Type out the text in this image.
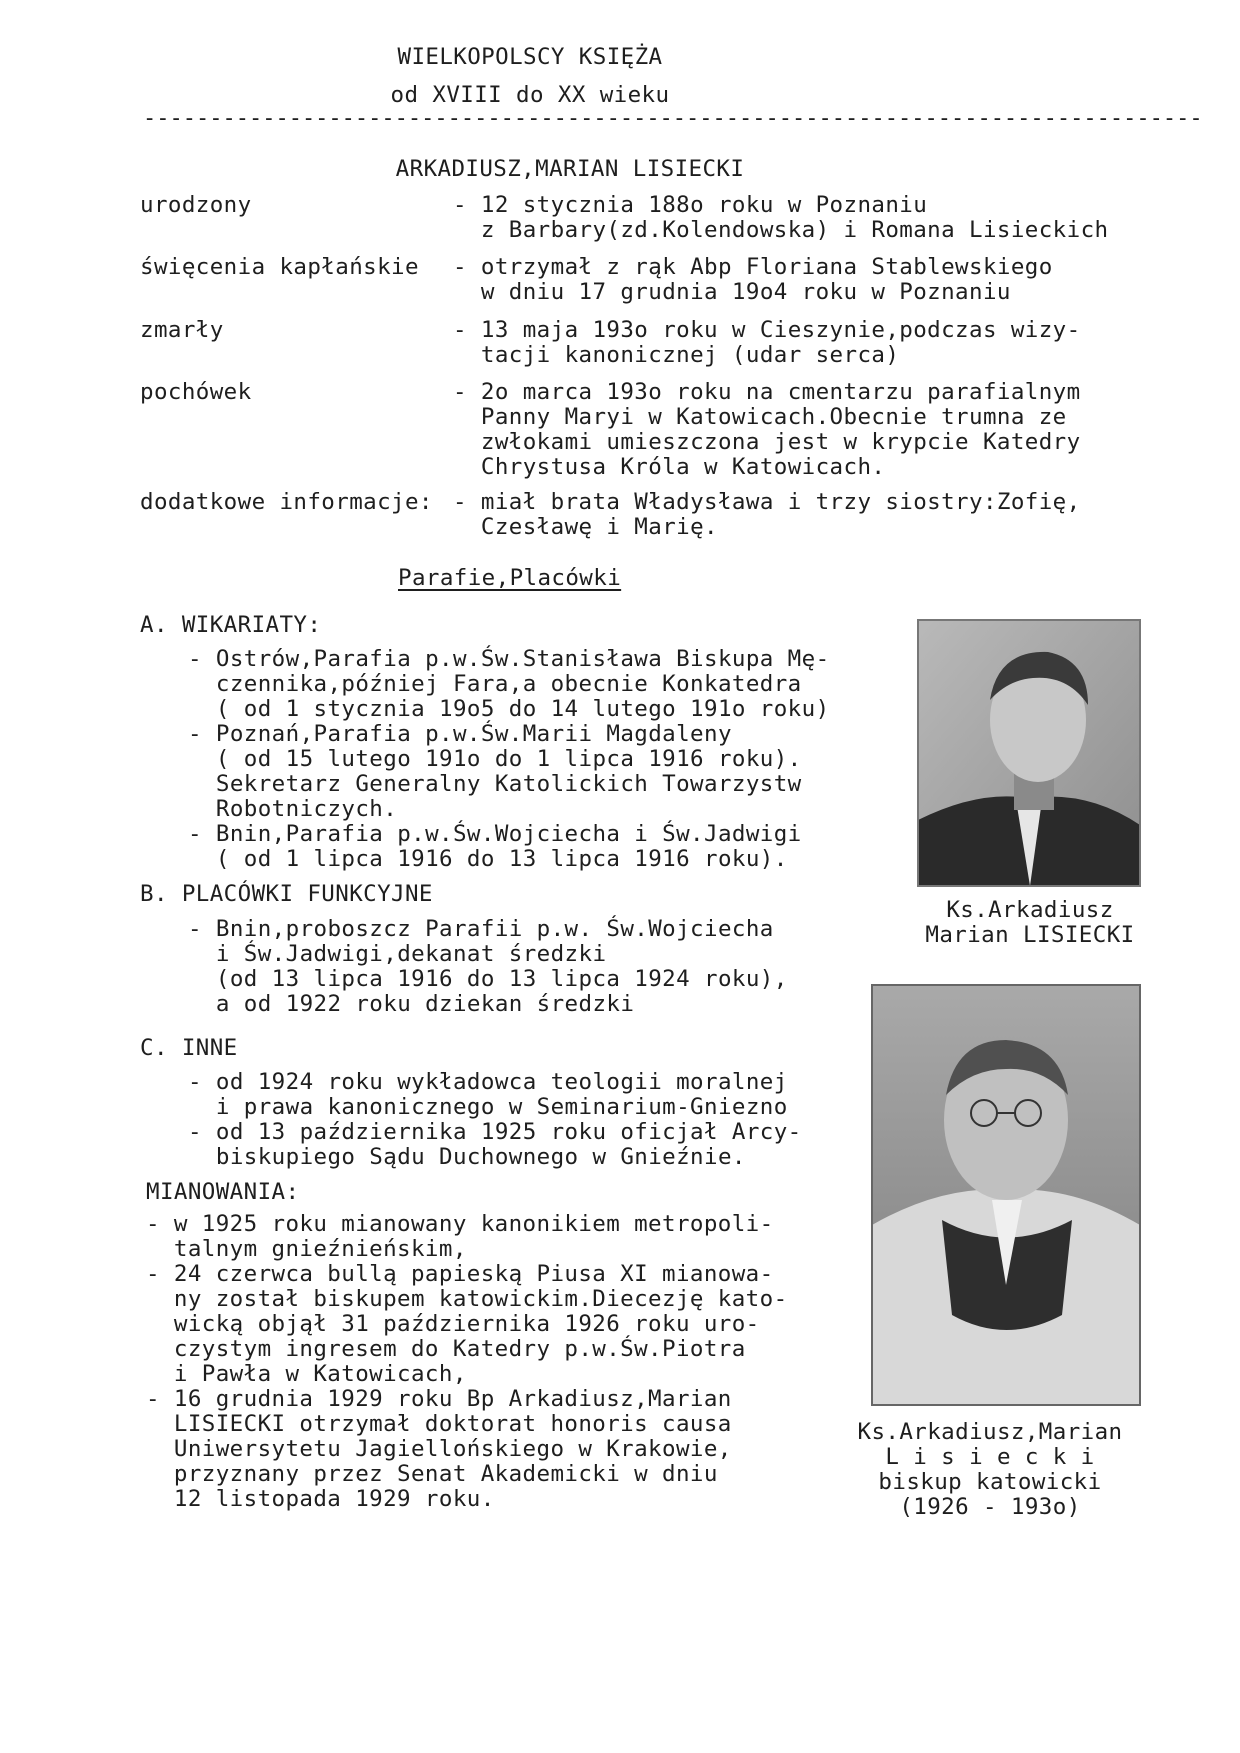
WIELKOPOLSCY KSIĘŻA
od XVIII do XX wieku
--------------------------------------------------------------------------------
ARKADIUSZ,MARIAN LISIECKI
urodzony	- 12 stycznia 188o roku w Poznaniu
z Barbary(zd.Kolendowska) i Romana Lisieckich
święcenia kapłańskie - otrzymał z rąk Abp Floriana Stablewskiego
w dniu 17 grudnia 19o4 roku w Poznaniu
zmarły	- 13 maja 193o roku w Cieszynie,podczas wizy-
tacji kanonicznej (udar serca)
pochówek	- 2o marca 193o roku na cmentarzu parafialnym
Panny Maryi w Katowicach.Obecnie trumna ze
zwłokami umieszczona jest w krypcie Katedry
Chrystusa Króla w Katowicach.
dodatkowe informacje: - miał brata Władysława i trzy siostry:Zofię,
Czesławę i Marię.
Parafie,Placówki
A. WIKARIATY:
- Ostrów,Parafia p.w.Św.Stanisława Biskupa Mę-
czennika,później Fara,a obecnie Konkatedra
( od 1 stycznia 19o5 do 14 lutego 191o roku)
- Poznań,Parafia p.w.Św.Marii Magdaleny
( od 15 lutego 191o do 1 lipca 1916 roku).
Sekretarz Generalny Katolickich Towarzystw
Robotniczych.
- Bnin,Parafia p.w.Św.Wojciecha i Św.Jadwigi
( od 1 lipca 1916 do 13 lipca 1916 roku).
B. PLACÓWKI FUNKCYJNE
- Bnin,proboszcz Parafii p.w. Św.Wojciecha
i Św.Jadwigi,dekanat średzki
(od 13 lipca 1916 do 13 lipca 1924 roku),
a od 1922 roku dziekan średzki
C. INNE
- od 1924 roku wykładowca teologii moralnej
i prawa kanonicznego w Seminarium-Gniezno
- od 13 października 1925 roku oficjał Arcy-
biskupiego Sądu Duchownego w Gnieźnie.
MIANOWANIA:
- w 1925 roku mianowany kanonikiem metropoli-
talnym gnieźnieńskim,
- 24 czerwca bullą papieską Piusa XI mianowa-
ny został biskupem katowickim.Diecezję kato-
wicką objął 31 października 1926 roku uro-
czystym ingresem do Katedry p.w.Św.Piotra
i Pawła w Katowicach,
- 16 grudnia 1929 roku Bp Arkadiusz,Marian
LISIECKI otrzymał doktorat honoris causa
Uniwersytetu Jagiellońskiego w Krakowie,
przyznany przez Senat Akademicki w dniu
12 listopada 1929 roku.
Ks.Arkadiusz
Marian LISIECKI
Ks.Arkadiusz,Marian
L i s i e c k i
biskup katowicki
(1926 - 193o)
